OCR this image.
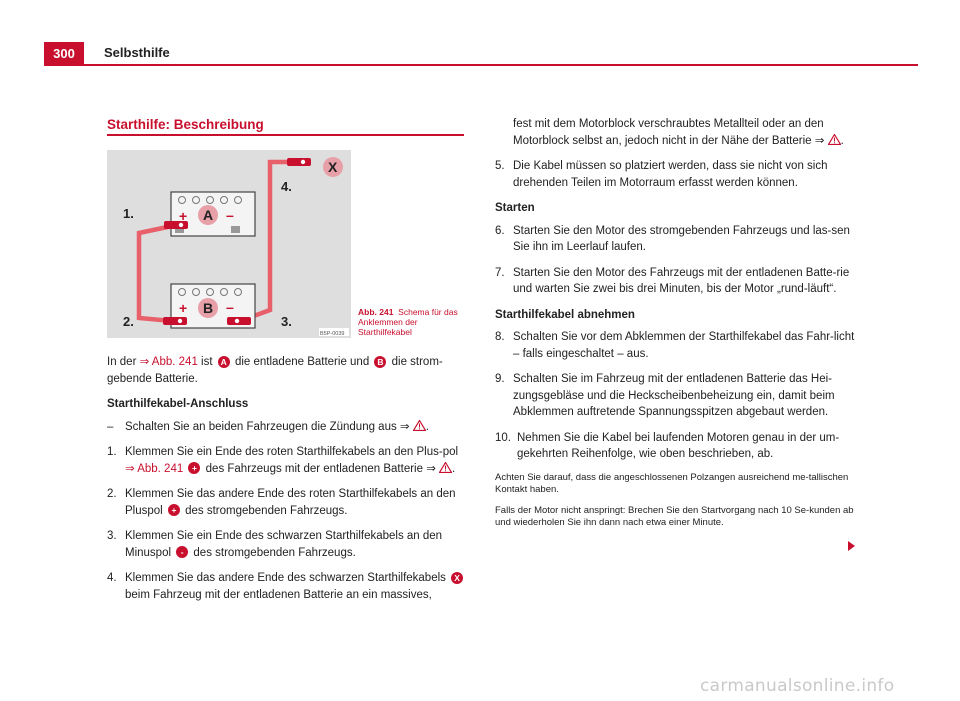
300	Selbsthilfe
Starthilfe: Beschreibung
+	–
+	–
A
B
X
1.
2.	3.
4.
B5P-0039
Abb. 241 Schema für das Anklemmen der Starthilfekabel

In der ⇒ Abb. 241 ist A die entladene Batterie und B die strom-gebende Batterie.

Starthilfekabel-Anschluss

–	Schalten Sie an beiden Fahrzeugen die Zündung aus ⇒ .
1. Klemmen Sie ein Ende des roten Starthilfekabels an den Plus-pol ⇒ Abb. 241 + des Fahrzeugs mit der entladenen Batterie ⇒ .
2. Klemmen Sie das andere Ende des roten Starthilfekabels an den Pluspol + des stromgebenden Fahrzeugs.
3. Klemmen Sie ein Ende des schwarzen Starthilfekabels an den Minuspol - des stromgebenden Fahrzeugs.
4. Klemmen Sie das andere Ende des schwarzen Starthilfekabels X beim Fahrzeug mit der entladenen Batterie an ein massives,
fest mit dem Motorblock verschraubtes Metallteil oder an den Motorblock selbst an, jedoch nicht in der Nähe der Batterie ⇒ .
5. Die Kabel müssen so platziert werden, dass sie nicht von sich drehenden Teilen im Motorraum erfasst werden können.

Starten

6. Starten Sie den Motor des stromgebenden Fahrzeugs und las-sen Sie ihn im Leerlauf laufen.
7. Starten Sie den Motor des Fahrzeugs mit der entladenen Batte-rie und warten Sie zwei bis drei Minuten, bis der Motor „rund-läuft“.

Starthilfekabel abnehmen

8. Schalten Sie vor dem Abklemmen der Starthilfekabel das Fahr-licht – falls eingeschaltet – aus.
9. Schalten Sie im Fahrzeug mit der entladenen Batterie das Hei-zungsgebläse und die Heckscheibenbeheizung ein, damit beim Abklemmen auftretende Spannungsspitzen abgebaut werden.
10. Nehmen Sie die Kabel bei laufenden Motoren genau in der um-gekehrten Reihenfolge, wie oben beschrieben, ab.

Achten Sie darauf, dass die angeschlossenen Polzangen ausreichend me-tallischen Kontakt haben.

Falls der Motor nicht anspringt: Brechen Sie den Startvorgang nach 10 Se-kunden ab und wiederholen Sie ihn dann nach etwa einer Minute.

carmanualsonline.info
